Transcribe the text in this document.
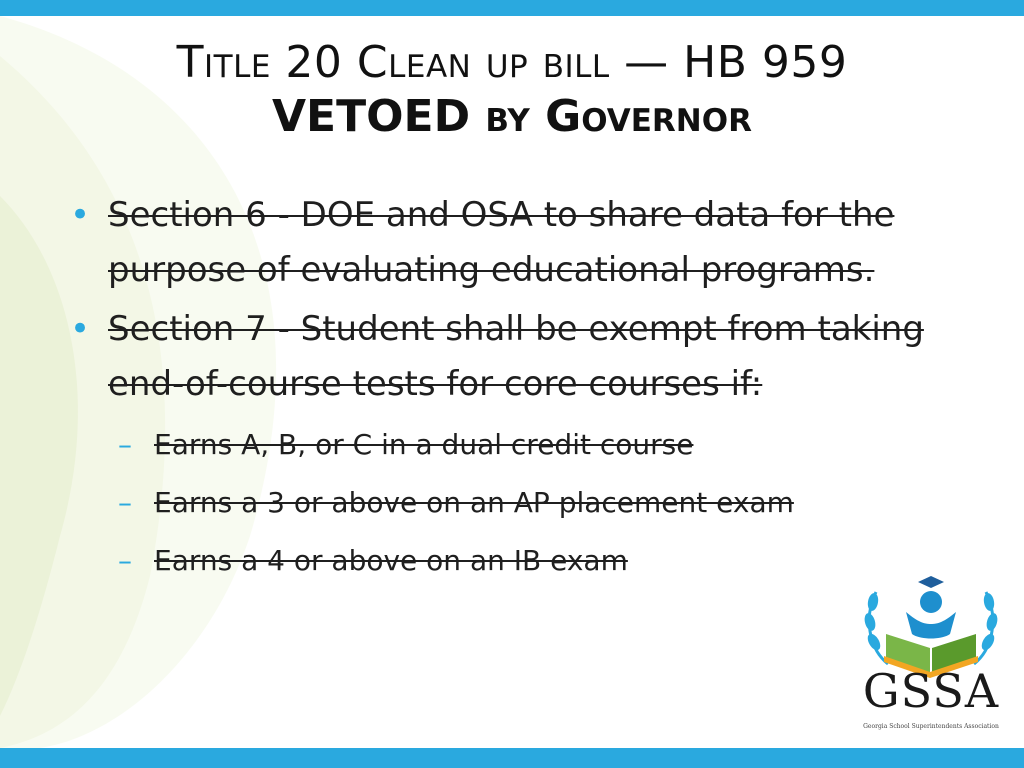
Title 20 Clean up bill — HB 959
VETOED by Governor
• Section 6 - DOE and OSA to share data for the purpose of evaluating educational programs.
• Section 7 - Student shall be exempt from taking end-of-course tests for core courses if:
– Earns A, B, or C in a dual credit course
– Earns a 3 or above on an AP placement exam
– Earns a 4 or above on an IB exam
GSSA
Georgia School Superintendents Association
